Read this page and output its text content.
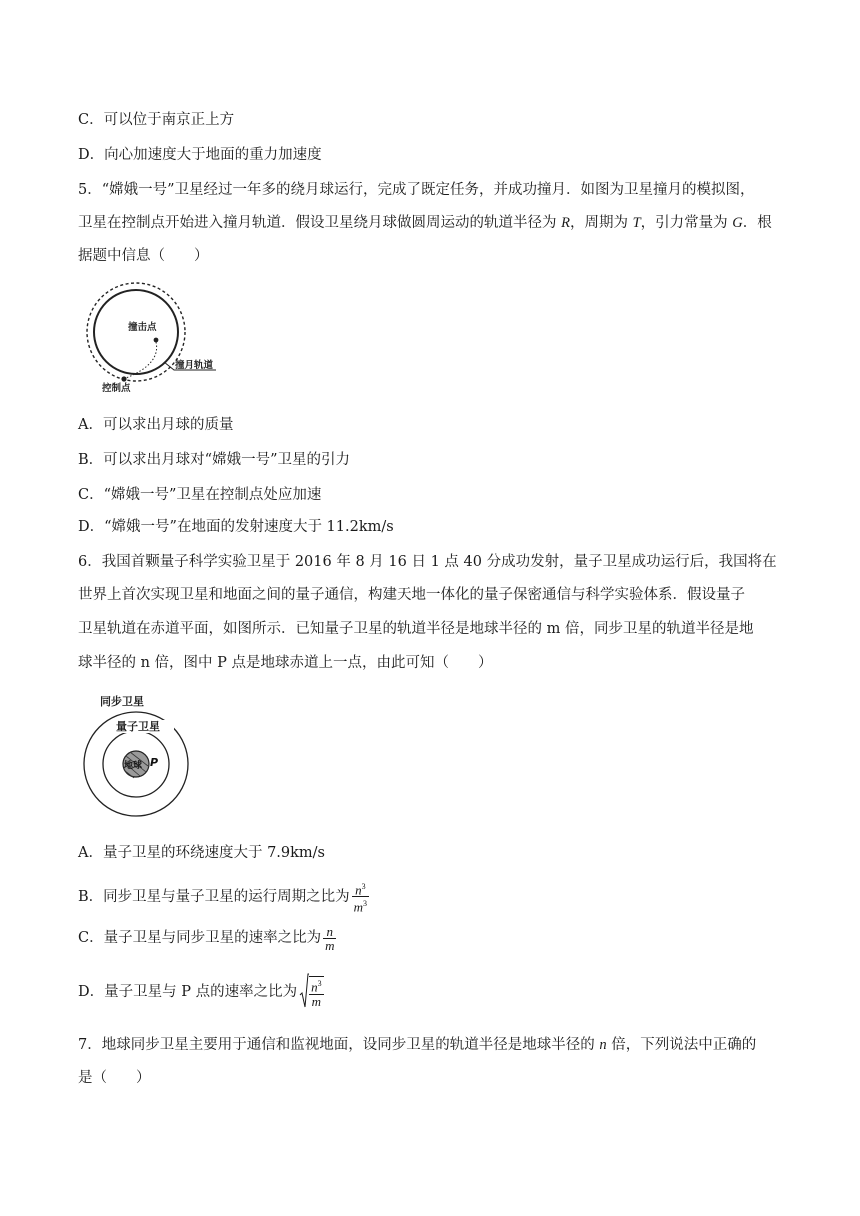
C．可以位于南京正上方
D．向心加速度大于地面的重力加速度
5．“嫦娥一号”卫星经过一年多的绕月球运行，完成了既定任务，并成功撞月．如图为卫星撞月的模拟图，
卫星在控制点开始进入撞月轨道．假设卫星绕月球做圆周运动的轨道半径为 R，周期为 T，引力常量为 G．根
据题中信息（　　）
撞击点
撞月轨道
控制点
A．可以求出月球的质量
B．可以求出月球对“嫦娥一号”卫星的引力
C．“嫦娥一号”卫星在控制点处应加速
D．“嫦娥一号”在地面的发射速度大于 11.2km/s
6．我国首颗量子科学实验卫星于 2016 年 8 月 16 日 1 点 40 分成功发射，量子卫星成功运行后，我国将在
世界上首次实现卫星和地面之间的量子通信，构建天地一体化的量子保密通信与科学实验体系．假设量子
卫星轨道在赤道平面，如图所示．已知量子卫星的轨道半径是地球半径的 m 倍，同步卫星的轨道半径是地
球半径的 n 倍，图中 P 点是地球赤道上一点，由此可知（　　）
同步卫星
量子卫星
地球 P
A．量子卫星的环绕速度大于 7.9km/s
B．同步卫星与量子卫星的运行周期之比为 $\frac{n^3}{m^3}$
C．量子卫星与同步卫星的速率之比为 $\frac{n}{m}$
D．量子卫星与 P 点的速率之比为 $\frac{n^3}{m}$
7．地球同步卫星主要用于通信和监视地面，设同步卫星的轨道半径是地球半径的 n 倍，下列说法中正确的
是（　　）
